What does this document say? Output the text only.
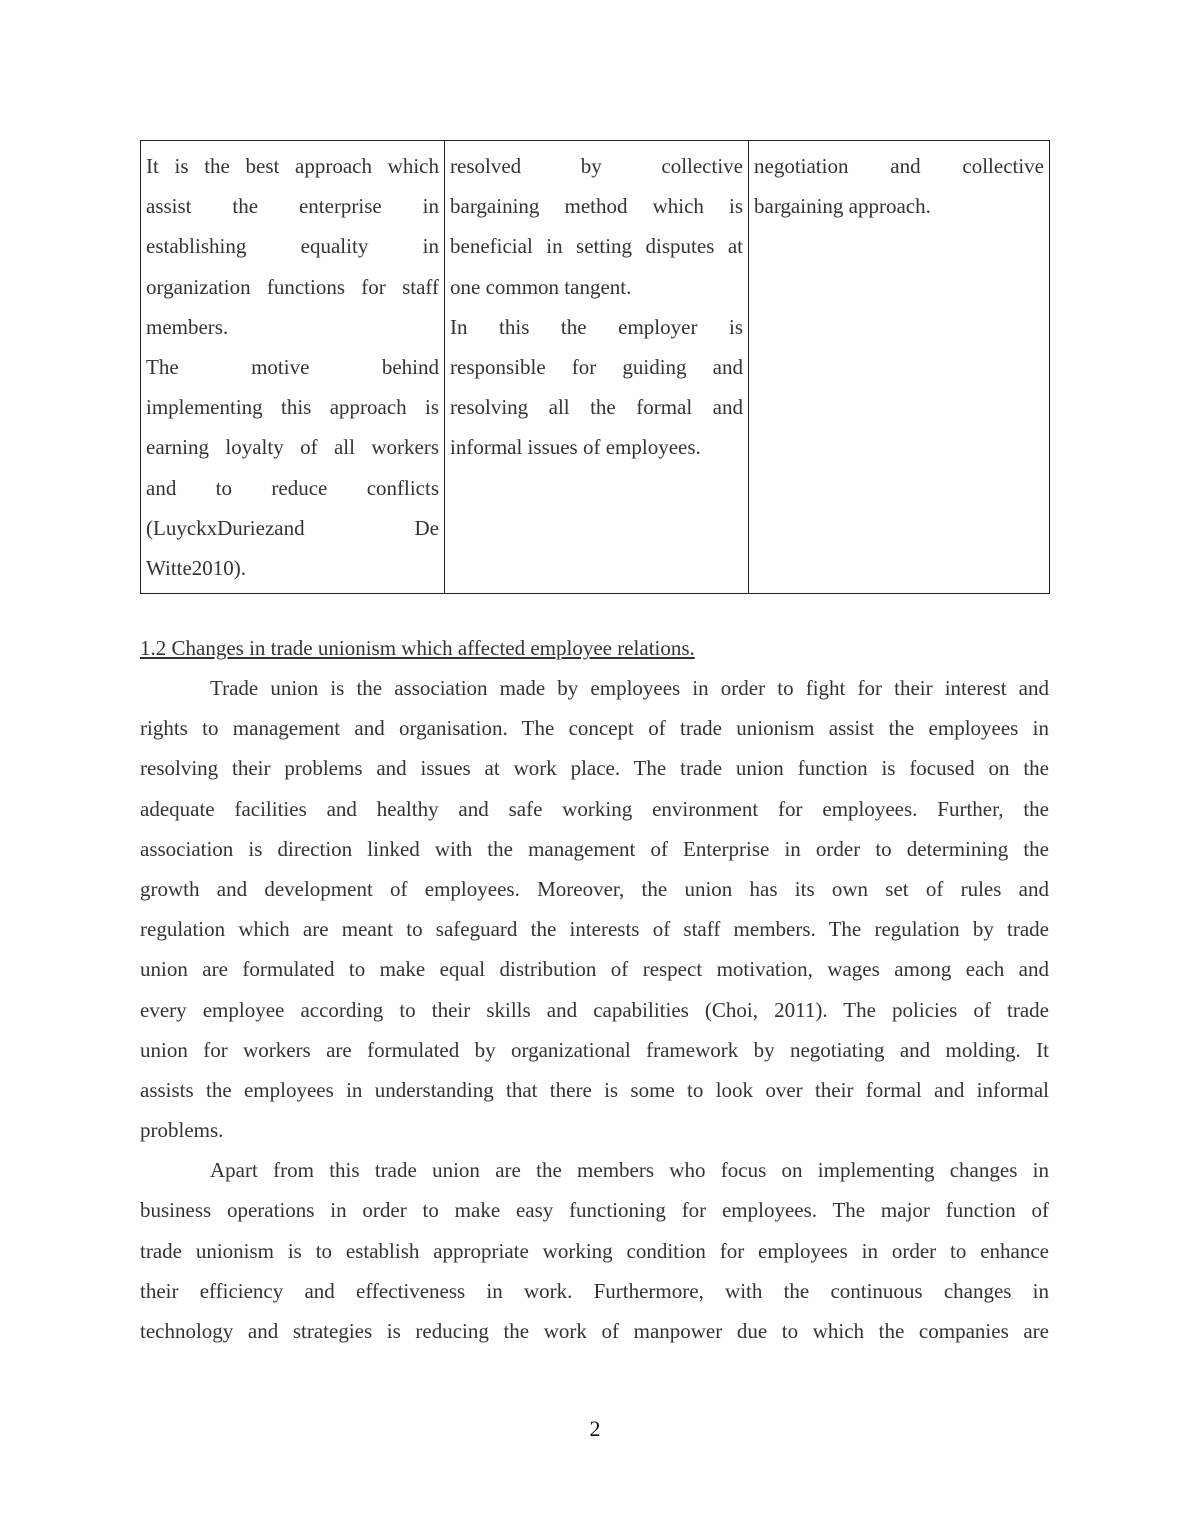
It is the best approach which
assist the enterprise in
establishing equality in
organization functions for staff
members.
The motive behind
implementing this approach is
earning loyalty of all workers
and to reduce conflicts
(LuyckxDuriezand De
Witte2010).
resolved by collective
bargaining method which is
beneficial in setting disputes at
one common tangent.
In this the employer is
responsible for guiding and
resolving all the formal and
informal issues of employees.
negotiation and collective
bargaining approach.
1.2 Changes in trade unionism which affected employee relations.
Trade union is the association made by employees in order to fight for their interest and
rights to management and organisation. The concept of trade unionism assist the employees in
resolving their problems and issues at work place. The trade union function is focused on the
adequate facilities and healthy and safe working environment for employees. Further, the
association is direction linked with the management of Enterprise in order to determining the
growth and development of employees. Moreover, the union has its own set of rules and
regulation which are meant to safeguard the interests of staff members. The regulation by trade
union are formulated to make equal distribution of respect motivation, wages among each and
every employee according to their skills and capabilities (Choi, 2011). The policies of trade
union for workers are formulated by organizational framework by negotiating and molding. It
assists the employees in understanding that there is some to look over their formal and informal
problems.
Apart from this trade union are the members who focus on implementing changes in
business operations in order to make easy functioning for employees. The major function of
trade unionism is to establish appropriate working condition for employees in order to enhance
their efficiency and effectiveness in work. Furthermore, with the continuous changes in
technology and strategies is reducing the work of manpower due to which the companies are
2
